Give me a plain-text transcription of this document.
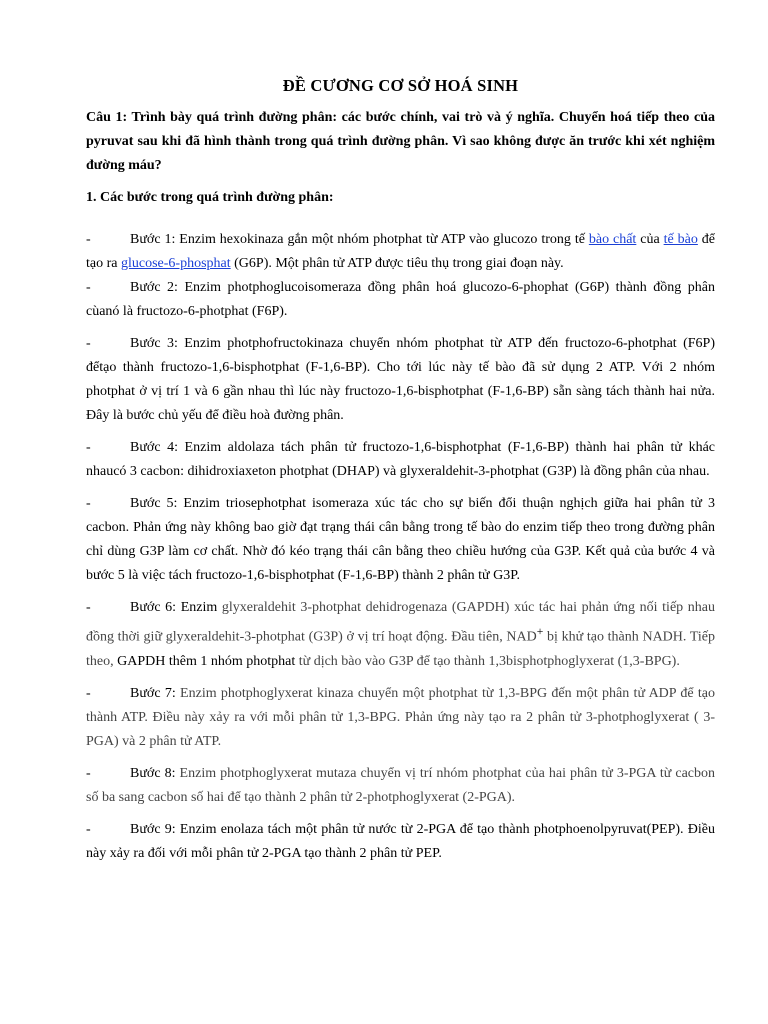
ĐỀ CƯƠNG CƠ SỞ HOÁ SINH
Câu 1: Trình bày quá trình đường phân: các bước chính, vai trò và ý nghĩa. Chuyển hoá tiếp theo của pyruvat sau khi đã hình thành trong quá trình đường phân. Vì sao không được ăn trước khi xét nghiệm đường máu?
1. Các bước trong quá trình đường phân:

-	Bước 1: Enzim hexokinaza gắn một nhóm photphat từ ATP vào glucozo trong tế bào chất của tế bào để tạo ra glucose-6-phosphat (G6P). Một phân tử ATP được tiêu thụ trong giai đoạn này.

-	Bước 2: Enzim photphoglucoisomeraza đồng phân hoá glucozo-6-phophat (G6P) thành đồng phân cùanó là fructozo-6-photphat (F6P).

-	Bước 3: Enzim photphofructokinaza chuyển nhóm photphat từ ATP đến fructozo-6-photphat (F6P) đểtạo thành fructozo-1,6-bisphotphat (F-1,6-BP). Cho tới lúc này tế bào đã sử dụng 2 ATP. Với 2 nhóm photphat ở vị trí 1 và 6 gần nhau thì lúc này fructozo-1,6-bisphotphat (F-1,6-BP) sẵn sàng tách thành hai nửa. Đây là bước chủ yếu để điều hoà đường phân.

-	Bước 4: Enzim aldolaza tách phân tử fructozo-1,6-bisphotphat (F-1,6-BP) thành hai phân tử khác nhaucó 3 cacbon: dihidroxiaxeton photphat (DHAP) và glyxeraldehit-3-photphat (G3P) là đồng phân của nhau.

-	Bước 5: Enzim triosephotphat isomeraza xúc tác cho sự biến đổi thuận nghịch giữa hai phân tử 3 cacbon. Phản ứng này không bao giờ đạt trạng thái cân bằng trong tế bào do enzim tiếp theo trong đường phân chỉ dùng G3P làm cơ chất. Nhờ đó kéo trạng thái cân bằng theo chiều hướng của G3P. Kết quả của bước 4 và bước 5 là việc tách fructozo-1,6-bisphotphat (F-1,6-BP) thành 2 phân tử G3P.

-	Bước 6: Enzim glyxeraldehit 3-photphat dehidrogenaza (GAPDH) xúc tác hai phản ứng nối tiếp nhau đồng thời giữ glyxeraldehit-3-photphat (G3P) ở vị trí hoạt động. Đầu tiên, NAD+ bị khử tạo thành NADH. Tiếp theo, GAPDH thêm 1 nhóm photphat từ dịch bào vào G3P để tạo thành 1,3bisphotphoglyxerat (1,3-BPG).

-	Bước 7: Enzim photphoglyxerat kinaza chuyển một photphat từ 1,3-BPG đến một phân tử ADP để tạo thành ATP. Điều này xảy ra với mỗi phân tử 1,3-BPG. Phản ứng này tạo ra 2 phân tử 3-photphoglyxerat ( 3-PGA) và 2 phân tử ATP.

-	Bước 8: Enzim photphoglyxerat mutaza chuyển vị trí nhóm photphat của hai phân tử 3-PGA từ cacbon số ba sang cacbon số hai để tạo thành 2 phân tử 2-photphoglyxerat (2-PGA).

-	Bước 9: Enzim enolaza tách một phân tử nước từ 2-PGA để tạo thành photphoenolpyruvat(PEP). Điều này xảy ra đối với mỗi phân tử 2-PGA tạo thành 2 phân tử PEP.
